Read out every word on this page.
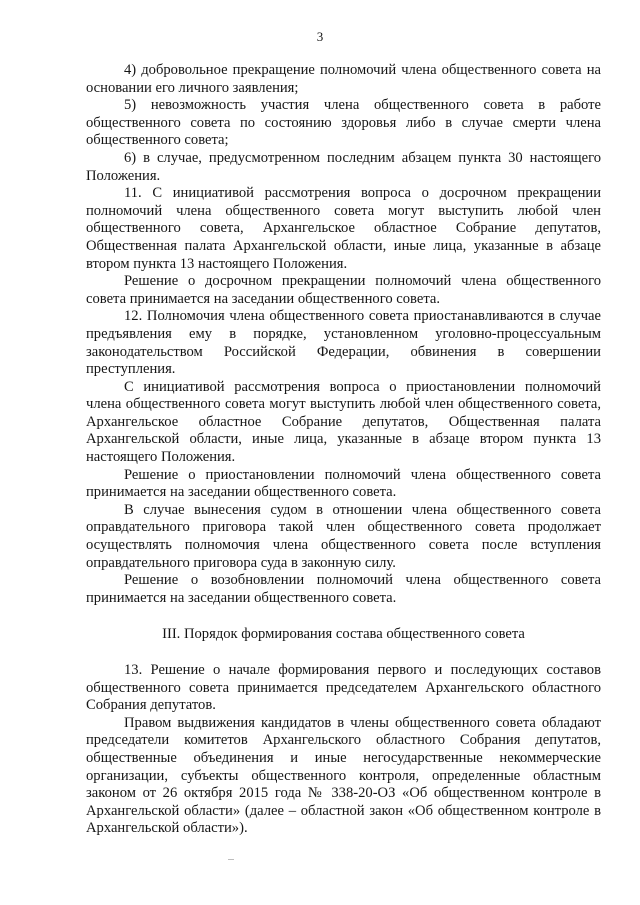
3

4) добровольное прекращение полномочий члена общественного совета на основании его личного заявления;

5) невозможность участия члена общественного совета в работе общественного совета по состоянию здоровья либо в случае смерти члена общественного совета;

6) в случае, предусмотренном последним абзацем пункта 30 настоящего Положения.

11. С инициативой рассмотрения вопроса о досрочном прекращении полномочий члена общественного совета могут выступить любой член общественного совета, Архангельское областное Собрание депутатов, Общественная палата Архангельской области, иные лица, указанные в абзаце втором пункта 13 настоящего Положения.

Решение о досрочном прекращении полномочий члена общественного совета принимается на заседании общественного совета.

12. Полномочия члена общественного совета приостанавливаются в случае предъявления ему в порядке, установленном уголовно-процессуальным законодательством Российской Федерации, обвинения в совершении преступления.

С инициативой рассмотрения вопроса о приостановлении полномочий члена общественного совета могут выступить любой член общественного совета, Архангельское областное Собрание депутатов, Общественная палата Архангельской области, иные лица, указанные в абзаце втором пункта 13 настоящего Положения.

Решение о приостановлении полномочий члена общественного совета принимается на заседании общественного совета.

В случае вынесения судом в отношении члена общественного совета оправдательного приговора такой член общественного совета продолжает осуществлять полномочия члена общественного совета после вступления оправдательного приговора суда в законную силу.

Решение о возобновлении полномочий члена общественного совета принимается на заседании общественного совета.

III. Порядок формирования состава общественного совета

13. Решение о начале формирования первого и последующих составов общественного совета принимается председателем Архангельского областного Собрания депутатов.

Правом выдвижения кандидатов в члены общественного совета обладают председатели комитетов Архангельского областного Собрания депутатов, общественные объединения и иные негосударственные некоммерческие организации, субъекты общественного контроля, определенные областным законом от 26 октября 2015 года № 338-20-ОЗ «Об общественном контроле в Архангельской области» (далее – областной закон «Об общественном контроле в Архангельской области»).
